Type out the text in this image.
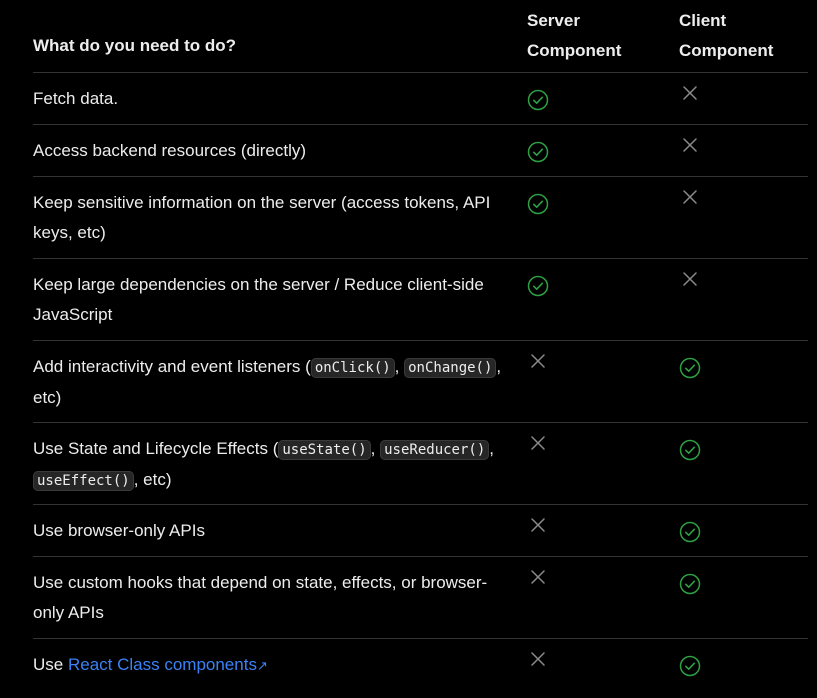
What do you need to do?
Server Component
Client Component
Fetch data.
Access backend resources (directly)
Keep sensitive information on the server (access tokens, API keys, etc)
Keep large dependencies on the server / Reduce client-side JavaScript
Add interactivity and event listeners ( onClick() , onChange() , etc)
Use State and Lifecycle Effects ( useState() , useReducer() , useEffect() , etc)
Use browser-only APIs
Use custom hooks that depend on state, effects, or browser-only APIs
Use React Class components↗
